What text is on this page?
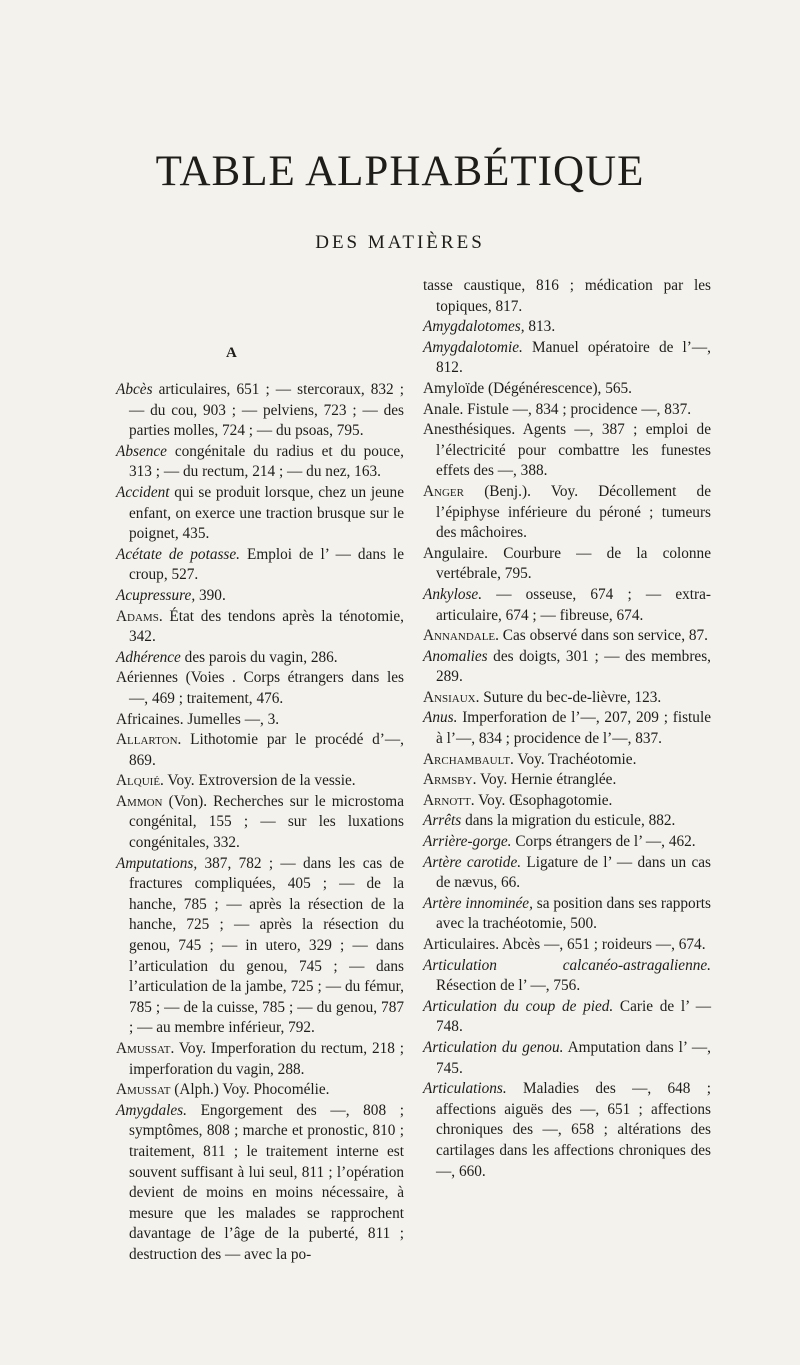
TABLE ALPHABÉTIQUE
DES MATIÈRES
A

Abcès articulaires, 651 ; — stercoraux, 832 ; — du cou, 903 ; — pelviens, 723 ; — des parties molles, 724 ; — du psoas, 795.

Absence congénitale du radius et du pouce, 313 ; — du rectum, 214 ; — du nez, 163.

Accident qui se produit lorsque, chez un jeune enfant, on exerce une traction brusque sur le poignet, 435.

Acétate de potasse. Emploi de l’ — dans le croup, 527.

Acupressure, 390.

Adams. État des tendons après la ténotomie, 342.

Adhérence des parois du vagin, 286.

Aériennes (Voies . Corps étrangers dans les —, 469 ; traitement, 476.

Africaines. Jumelles —, 3.

Allarton. Lithotomie par le procédé d’—, 869.

Alquié. Voy. Extroversion de la vessie.

Ammon (Von). Recherches sur le microstoma congénital, 155 ; — sur les luxations congénitales, 332.

Amputations, 387, 782 ; — dans les cas de fractures compliquées, 405 ; — de la hanche, 785 ; — après la résection de la hanche, 725 ; — après la résection du genou, 745 ; — in utero, 329 ; — dans l’articulation du genou, 745 ; — dans l’articulation de la jambe, 725 ; — du fémur, 785 ; — de la cuisse, 785 ; — du genou, 787 ; — au membre inférieur, 792.

Amussat. Voy. Imperforation du rectum, 218 ; imperforation du vagin, 288.

Amussat (Alph.) Voy. Phocomélie.

Amygdales. Engorgement des —, 808 ; symptômes, 808 ; marche et pronostic, 810 ; traitement, 811 ; le traitement interne est souvent suffisant à lui seul, 811 ; l’opération devient de moins en moins nécessaire, à mesure que les malades se rapprochent davantage de l’âge de la puberté, 811 ; destruction des — avec la po-

tasse caustique, 816 ; médication par les topiques, 817.

Amygdalotomes, 813.

Amygdalotomie. Manuel opératoire de l’—, 812.

Amyloïde (Dégénérescence), 565.

Anale. Fistule —, 834 ; procidence —, 837.

Anesthésiques. Agents —, 387 ; emploi de l’électricité pour combattre les funestes effets des —, 388.

Anger (Benj.). Voy. Décollement de l’épiphyse inférieure du péroné ; tumeurs des mâchoires.

Angulaire. Courbure — de la colonne vertébrale, 795.

Ankylose. — osseuse, 674 ; — extra-articulaire, 674 ; — fibreuse, 674.

Annandale. Cas observé dans son service, 87.

Anomalies des doigts, 301 ; — des membres, 289.

Ansiaux. Suture du bec-de-lièvre, 123.

Anus. Imperforation de l’—, 207, 209 ; fistule à l’—, 834 ; procidence de l’—, 837.

Archambault. Voy. Trachéotomie.

Armsby. Voy. Hernie étranglée.

Arnott. Voy. Œsophagotomie.

Arrêts dans la migration du esticule, 882.

Arrière-gorge. Corps étrangers de l’ —, 462.

Artère carotide. Ligature de l’ — dans un cas de nævus, 66.

Artère innominée, sa position dans ses rapports avec la trachéotomie, 500.

Articulaires. Abcès —, 651 ; roideurs —, 674.

Articulation calcanéo-astragalienne. Résection de l’ —, 756.

Articulation du coup de pied. Carie de l’ — 748.

Articulation du genou. Amputation dans l’ —, 745.

Articulations. Maladies des —, 648 ; affections aiguës des —, 651 ; affections chroniques des —, 658 ; altérations des cartilages dans les affections chroniques des —, 660.
